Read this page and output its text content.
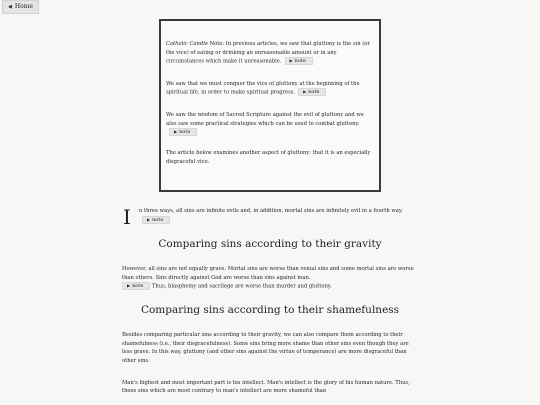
◀ Home

Catholic Candle Note: In previous articles, we saw that gluttony is the sin (or the vice) of eating or drinking an unreasonable amount or in any circumstances which make it unreasonable. ▶ note

We saw that we must conquer the vice of gluttony at the beginning of the spiritual life, in order to make spiritual progress. ▶ note

We saw the wisdom of Sacred Scripture against the evil of gluttony and we also saw some practical strategies which can be used to combat gluttony.▶ note

The article below examines another aspect of gluttony: that it is an especially disgraceful vice.

I n three ways, all sins are infinite evils and, in addition, mortal sins are infinitely evil in a fourth way.▶ note
Comparing sins according to their gravity

However, all sins are not equally grave. Mortal sins are worse than venial sins and some mortal sins are worse than others. Sins directly against God are worse than sins against man.
▶ note Thus, blasphemy and sacrilege are worse than murder and gluttony.

Comparing sins according to their shamefulness

Besides comparing particular sins according to their gravity, we can also compare them according to their shamefulness (i.e., their disgracefulness). Some sins bring more shame than other sins even though they are less grave. In this way, gluttony (and other sins against the virtue of temperance) are more disgraceful than other sins.

Man's highest and most important part is his intellect. Man's intellect is the glory of his human nature. Thus, those sins which are most contrary to man's intellect are more shameful than
